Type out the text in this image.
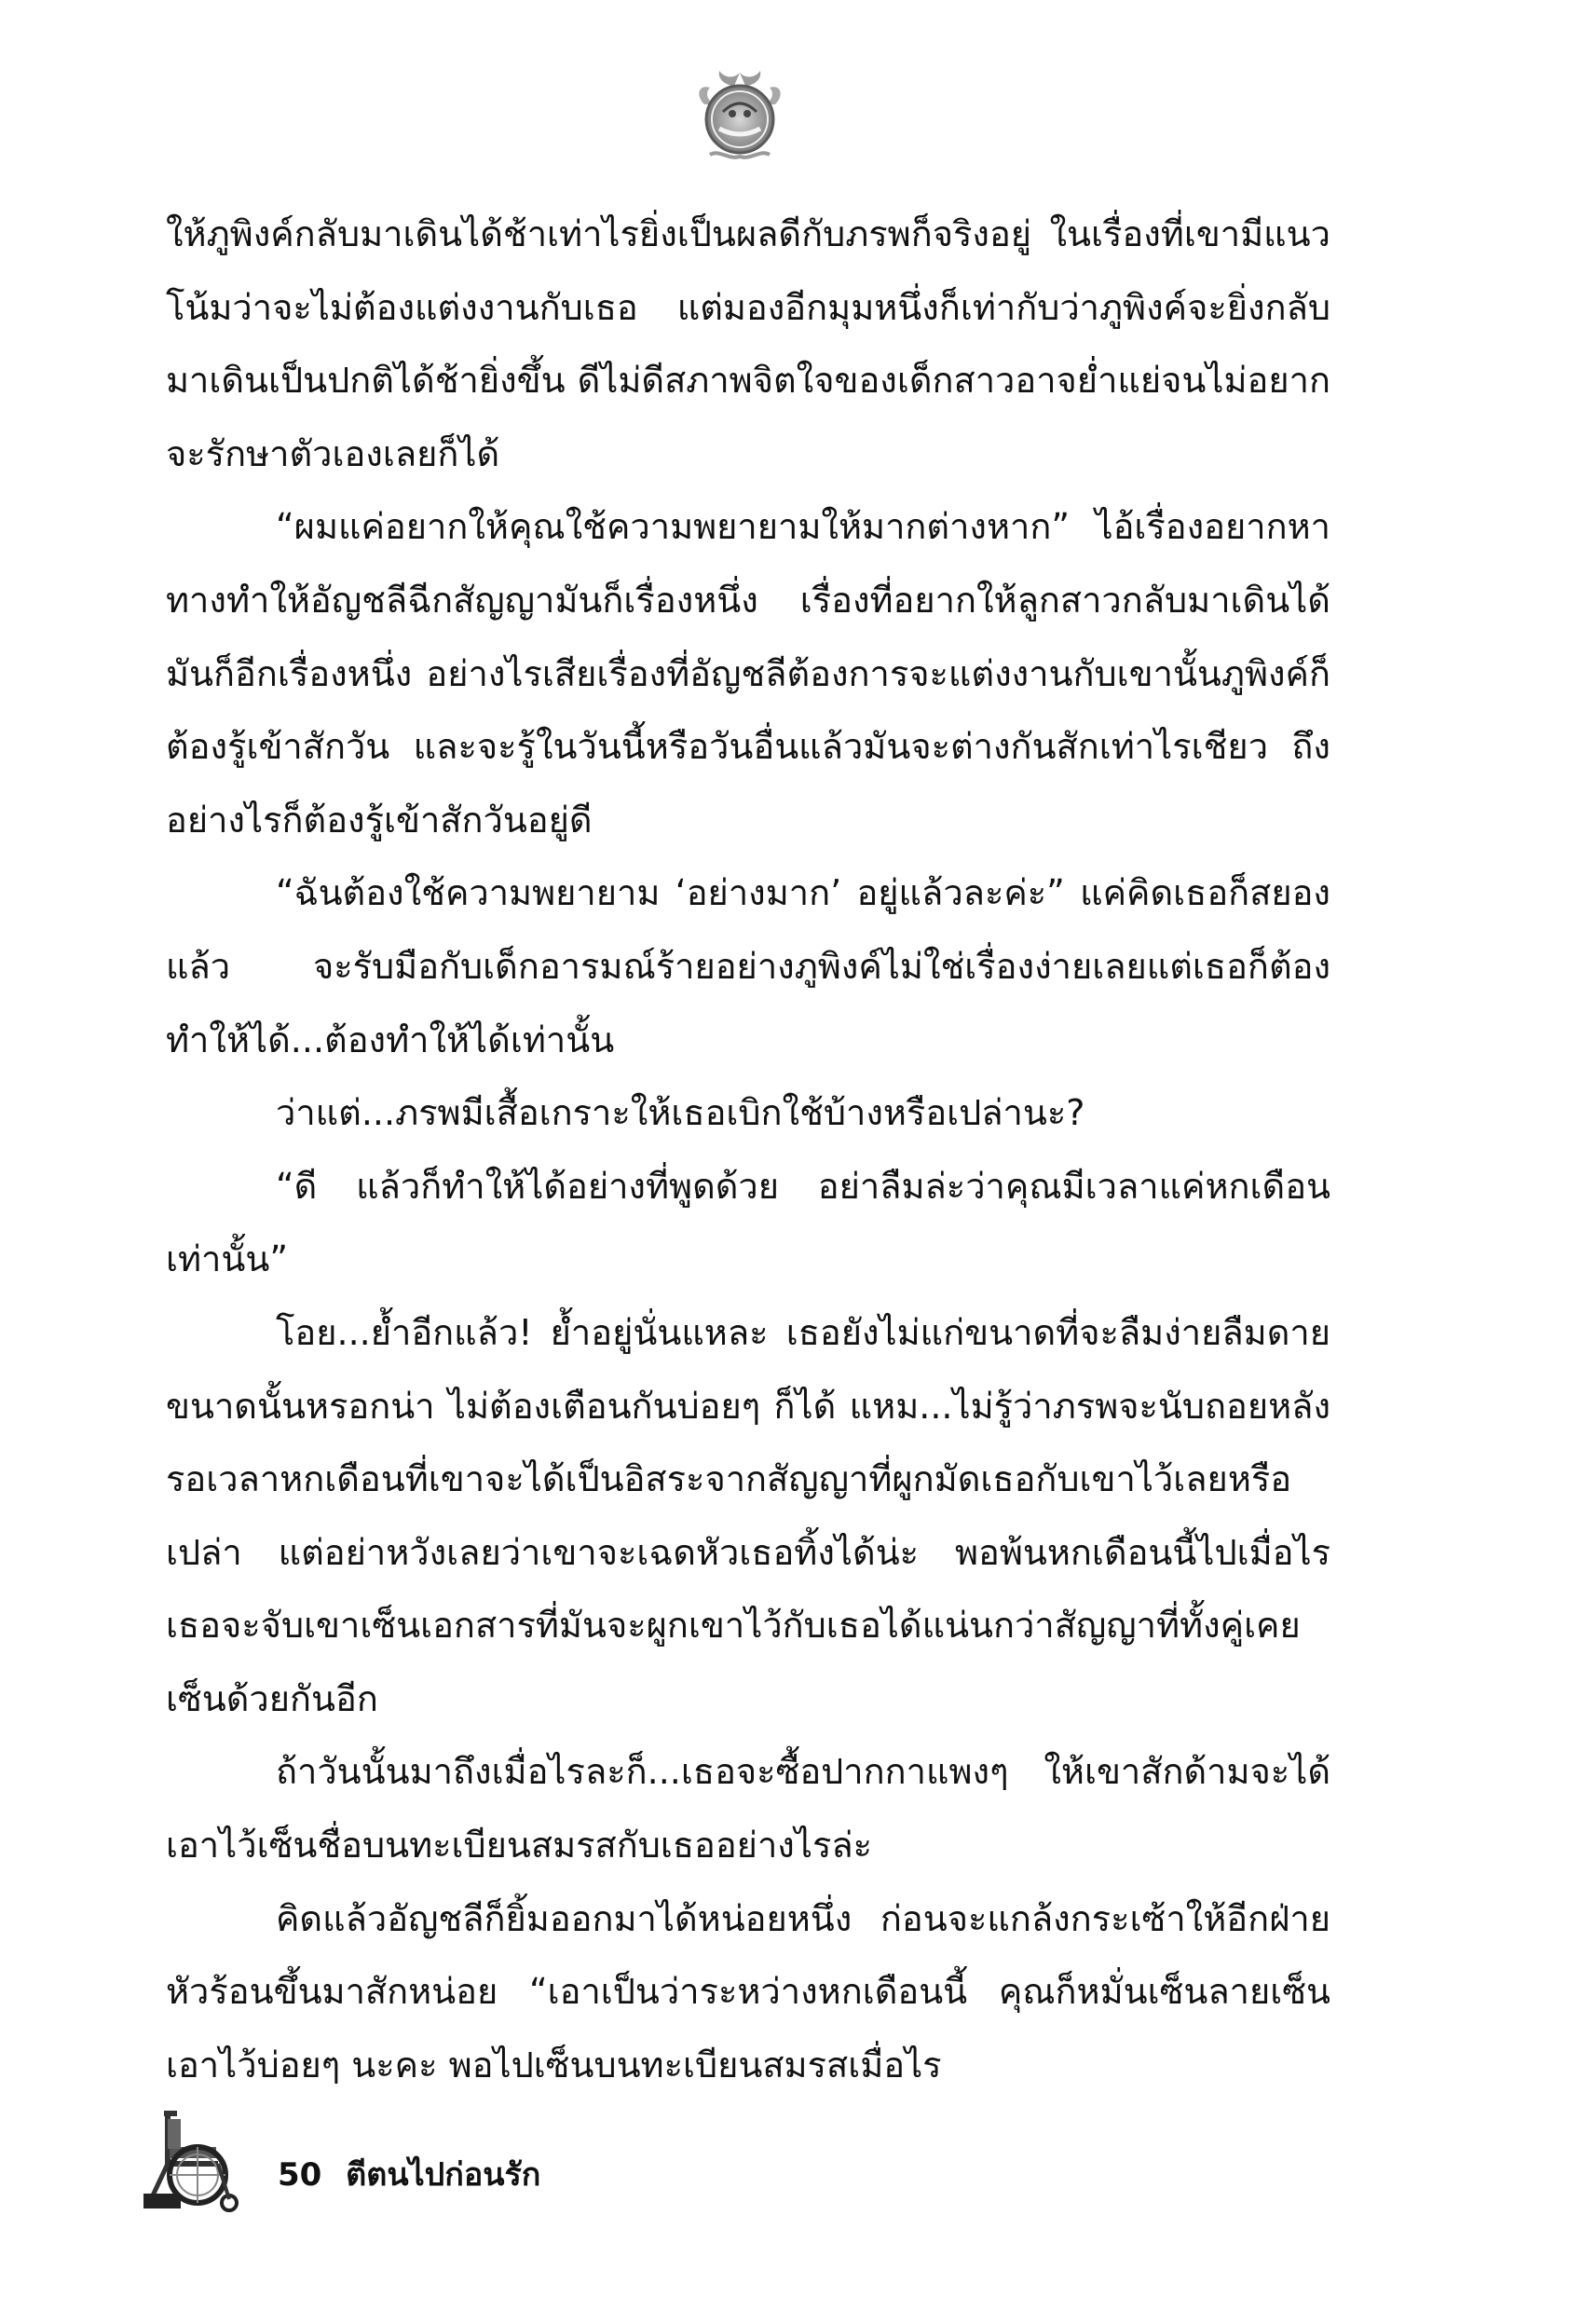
ให้ภูพิงค์กลับมาเดินได้ช้าเท่าไรยิ่งเป็นผลดีกับภรพก็จริงอยู่ ในเรื่องที่เขามีแนวโน้มว่าจะไม่ต้องแต่งงานกับเธอ แต่มองอีกมุมหนึ่งก็เท่ากับว่าภูพิงค์จะยิ่งกลับมาเดินเป็นปกติได้ช้ายิ่งขึ้น ดีไม่ดีสภาพจิตใจของเด็กสาวอาจย่ำแย่จนไม่อยากจะรักษาตัวเองเลยก็ได้

“ผมแค่อยากให้คุณใช้ความพยายามให้มากต่างหาก” ไอ้เรื่องอยากหาทางทำให้อัญชลีฉีกสัญญามันก็เรื่องหนึ่ง เรื่องที่อยากให้ลูกสาวกลับมาเดินได้มันก็อีกเรื่องหนึ่ง อย่างไรเสียเรื่องที่อัญชลีต้องการจะแต่งงานกับเขานั้นภูพิงค์ก็ต้องรู้เข้าสักวัน และจะรู้ในวันนี้หรือวันอื่นแล้วมันจะต่างกันสักเท่าไรเชียว ถึงอย่างไรก็ต้องรู้เข้าสักวันอยู่ดี

“ฉันต้องใช้ความพยายาม ‘อย่างมาก’ อยู่แล้วละค่ะ” แค่คิดเธอก็สยองแล้ว จะรับมือกับเด็กอารมณ์ร้ายอย่างภูพิงค์ไม่ใช่เรื่องง่ายเลยแต่เธอก็ต้องทำให้ได้...ต้องทำให้ได้เท่านั้น

ว่าแต่...ภรพมีเสื้อเกราะให้เธอเบิกใช้บ้างหรือเปล่านะ?

“ดี แล้วก็ทำให้ได้อย่างที่พูดด้วย อย่าลืมล่ะว่าคุณมีเวลาแค่หกเดือนเท่านั้น”

โอย...ย้ำอีกแล้ว! ย้ำอยู่นั่นแหละ เธอยังไม่แก่ขนาดที่จะลืมง่ายลืมดายขนาดนั้นหรอกน่า ไม่ต้องเตือนกันบ่อยๆ ก็ได้ แหม...ไม่รู้ว่าภรพจะนับถอยหลังรอเวลาหกเดือนที่เขาจะได้เป็นอิสระจากสัญญาที่ผูกมัดเธอกับเขาไว้เลยหรือเปล่า แต่อย่าหวังเลยว่าเขาจะเฉดหัวเธอทิ้งได้น่ะ พอพ้นหกเดือนนี้ไปเมื่อไร เธอจะจับเขาเซ็นเอกสารที่มันจะผูกเขาไว้กับเธอได้แน่นกว่าสัญญาที่ทั้งคู่เคยเซ็นด้วยกันอีก

ถ้าวันนั้นมาถึงเมื่อไรละก็...เธอจะซื้อปากกาแพงๆ ให้เขาสักด้ามจะได้เอาไว้เซ็นชื่อบนทะเบียนสมรสกับเธออย่างไรล่ะ

คิดแล้วอัญชลีก็ยิ้มออกมาได้หน่อยหนึ่ง ก่อนจะแกล้งกระเซ้าให้อีกฝ่ายหัวร้อนขึ้นมาสักหน่อย “เอาเป็นว่าระหว่างหกเดือนนี้ คุณก็หมั่นเซ็นลายเซ็นเอาไว้บ่อยๆ นะคะ พอไปเซ็นบนทะเบียนสมรสเมื่อไร

50 ตีตนไปก่อนรัก
